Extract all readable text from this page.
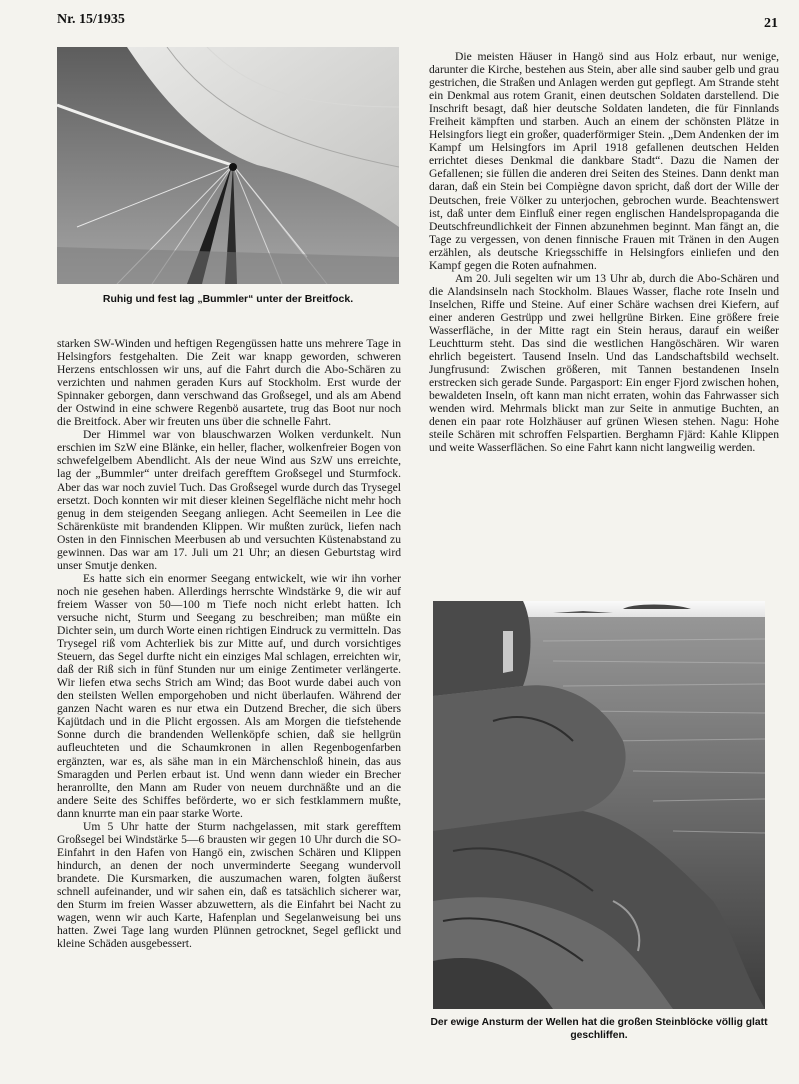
Nr. 15/1935	21
Ruhig und fest lag „Bummler“ unter der Breitfock.

starken SW-Winden und heftigen Regengüssen hatte uns mehrere Tage in Helsingfors festgehalten. Die Zeit war knapp geworden, schweren Herzens entschlossen wir uns, auf die Fahrt durch die Abo-Schären zu verzichten und nahmen geraden Kurs auf Stockholm. Erst wurde der Spinnaker geborgen, dann verschwand das Großsegel, und als am Abend der Ostwind in eine schwere Regenbö ausartete, trug das Boot nur noch die Breitfock. Aber wir freuten uns über die schnelle Fahrt.

Der Himmel war von blauschwarzen Wolken verdunkelt. Nun erschien im SzW eine Blänke, ein heller, flacher, wolkenfreier Bogen von schwefelgelbem Abendlicht. Als der neue Wind aus SzW uns erreichte, lag der „Bummler“ unter dreifach gerefftem Großsegel und Sturmfock. Aber das war noch zuviel Tuch. Das Großsegel wurde durch das Trysegel ersetzt. Doch konnten wir mit dieser kleinen Segelfläche nicht mehr hoch genug in dem steigenden Seegang anliegen. Acht Seemeilen in Lee die Schärenküste mit brandenden Klippen. Wir mußten zurück, liefen nach Osten in den Finnischen Meerbusen ab und versuchten Küstenabstand zu gewinnen. Das war am 17. Juli um 21 Uhr; an diesen Geburtstag wird unser Smutje denken.

Es hatte sich ein enormer Seegang entwickelt, wie wir ihn vorher noch nie gesehen haben. Allerdings herrschte Windstärke 9, die wir auf freiem Wasser von 50—100 m Tiefe noch nicht erlebt hatten. Ich versuche nicht, Sturm und Seegang zu beschreiben; man müßte ein Dichter sein, um durch Worte einen richtigen Eindruck zu vermitteln. Das Trysegel riß vom Achterliek bis zur Mitte auf, und durch vorsichtiges Steuern, das Segel durfte nicht ein einziges Mal schlagen, erreichten wir, daß der Riß sich in fünf Stunden nur um einige Zentimeter verlängerte. Wir liefen etwa sechs Strich am Wind; das Boot wurde dabei auch von den steilsten Wellen emporgehoben und nicht überlaufen. Während der ganzen Nacht waren es nur etwa ein Dutzend Brecher, die sich übers Kajütdach und in die Plicht ergossen. Als am Morgen die tiefstehende Sonne durch die brandenden Wellenköpfe schien, daß sie hellgrün aufleuchteten und die Schaumkronen in allen Regenbogenfarben ergänzten, war es, als sähe man in ein Märchenschloß hinein, das aus Smaragden und Perlen erbaut ist. Und wenn dann wieder ein Brecher heranrollte, den Mann am Ruder von neuem durchnäßte und an die andere Seite des Schiffes beförderte, wo er sich festklammern mußte, dann knurrte man ein paar starke Worte.

Um 5 Uhr hatte der Sturm nachgelassen, mit stark gerefftem Großsegel bei Windstärke 5—6 brausten wir gegen 10 Uhr durch die SO-Einfahrt in den Hafen von Hangö ein, zwischen Schären und Klippen hindurch, an denen der noch unverminderte Seegang wundervoll brandete. Die Kursmarken, die auszumachen waren, folgten äußerst schnell aufeinander, und wir sahen ein, daß es tatsächlich sicherer war, den Sturm im freien Wasser abzuwettern, als die Einfahrt bei Nacht zu wagen, wenn wir auch Karte, Hafenplan und Segelanweisung bei uns hatten. Zwei Tage lang wurden Plünnen getrocknet, Segel geflickt und kleine Schäden ausgebessert.

Die meisten Häuser in Hangö sind aus Holz erbaut, nur wenige, darunter die Kirche, bestehen aus Stein, aber alle sind sauber gelb und grau gestrichen, die Straßen und Anlagen werden gut gepflegt. Am Strande steht ein Denkmal aus rotem Granit, einen deutschen Soldaten darstellend. Die Inschrift besagt, daß hier deutsche Soldaten landeten, die für Finnlands Freiheit kämpften und starben. Auch an einem der schönsten Plätze in Helsingfors liegt ein großer, quaderförmiger Stein. „Dem Andenken der im Kampf um Helsingfors im April 1918 gefallenen deutschen Helden errichtet dieses Denkmal die dankbare Stadt“. Dazu die Namen der Gefallenen; sie füllen die anderen drei Seiten des Steines. Dann denkt man daran, daß ein Stein bei Compiègne davon spricht, daß dort der Wille der Deutschen, freie Völker zu unterjochen, gebrochen wurde. Beachtenswert ist, daß unter dem Einfluß einer regen englischen Handelspropaganda die Deutschfreundlichkeit der Finnen abzunehmen beginnt. Man fängt an, die Tage zu vergessen, von denen finnische Frauen mit Tränen in den Augen erzählen, als deutsche Kriegsschiffe in Helsingfors einliefen und den Kampf gegen die Roten aufnahmen.

Am 20. Juli segelten wir um 13 Uhr ab, durch die Abo-Schären und die Alandsinseln nach Stockholm. Blaues Wasser, flache rote Inseln und Inselchen, Riffe und Steine. Auf einer Schäre wachsen drei Kiefern, auf einer anderen Gestrüpp und zwei hellgrüne Birken. Eine größere freie Wasserfläche, in der Mitte ragt ein Stein heraus, darauf ein weißer Leuchtturm steht. Das sind die westlichen Hangöschären. Wir waren ehrlich begeistert. Tausend Inseln. Und das Landschaftsbild wechselt. Jungfrusund: Zwischen größeren, mit Tannen bestandenen Inseln erstrecken sich gerade Sunde. Pargasport: Ein enger Fjord zwischen hohen, bewaldeten Inseln, oft kann man nicht erraten, wohin das Fahrwasser sich wenden wird. Mehrmals blickt man zur Seite in anmutige Buchten, an denen ein paar rote Holzhäuser auf grünen Wiesen stehen. Nagu: Hohe steile Schären mit schroffen Felspartien. Berghamn Fjärd: Kahle Klippen und weite Wasserflächen. So eine Fahrt kann nicht langweilig werden.

Der ewige Ansturm der Wellen hat die großen Steinblöcke völlig glatt geschliffen.
